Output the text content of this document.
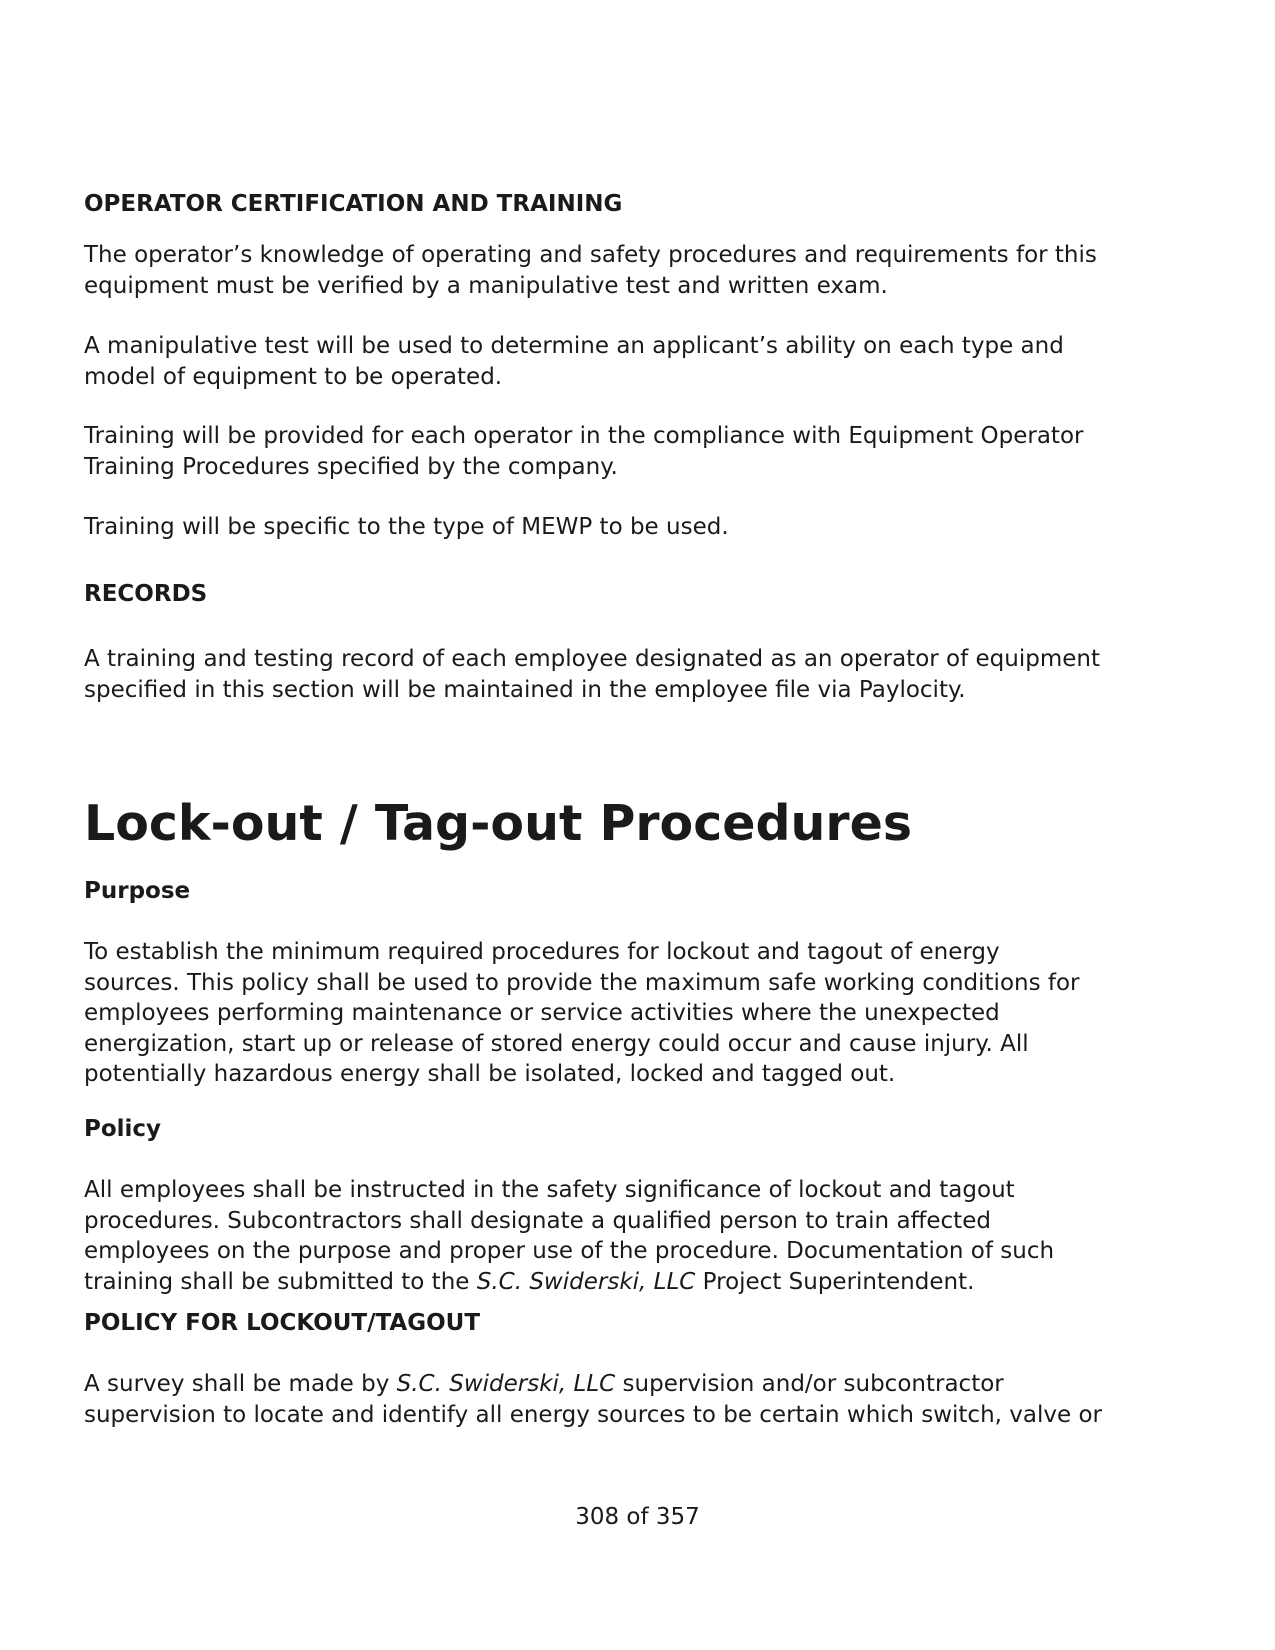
OPERATOR CERTIFICATION AND TRAINING

The operator’s knowledge of operating and safety procedures and requirements for this
equipment must be verified by a manipulative test and written exam.

A manipulative test will be used to determine an applicant’s ability on each type and
model of equipment to be operated.

Training will be provided for each operator in the compliance with Equipment Operator
Training Procedures specified by the company.

Training will be specific to the type of MEWP to be used.

RECORDS

A training and testing record of each employee designated as an operator of equipment
specified in this section will be maintained in the employee file via Paylocity.

Lock-out / Tag-out Procedures
Purpose

To establish the minimum required procedures for lockout and tagout of energy
sources. This policy shall be used to provide the maximum safe working conditions for
employees performing maintenance or service activities where the unexpected
energization, start up or release of stored energy could occur and cause injury. All
potentially hazardous energy shall be isolated, locked and tagged out.

Policy

All employees shall be instructed in the safety significance of lockout and tagout
procedures. Subcontractors shall designate a qualified person to train affected
employees on the purpose and proper use of the procedure. Documentation of such
training shall be submitted to the S.C. Swiderski, LLC Project Superintendent.

POLICY FOR LOCKOUT/TAGOUT

A survey shall be made by S.C. Swiderski, LLC supervision and/or subcontractor
supervision to locate and identify all energy sources to be certain which switch, valve or

308 of 357
